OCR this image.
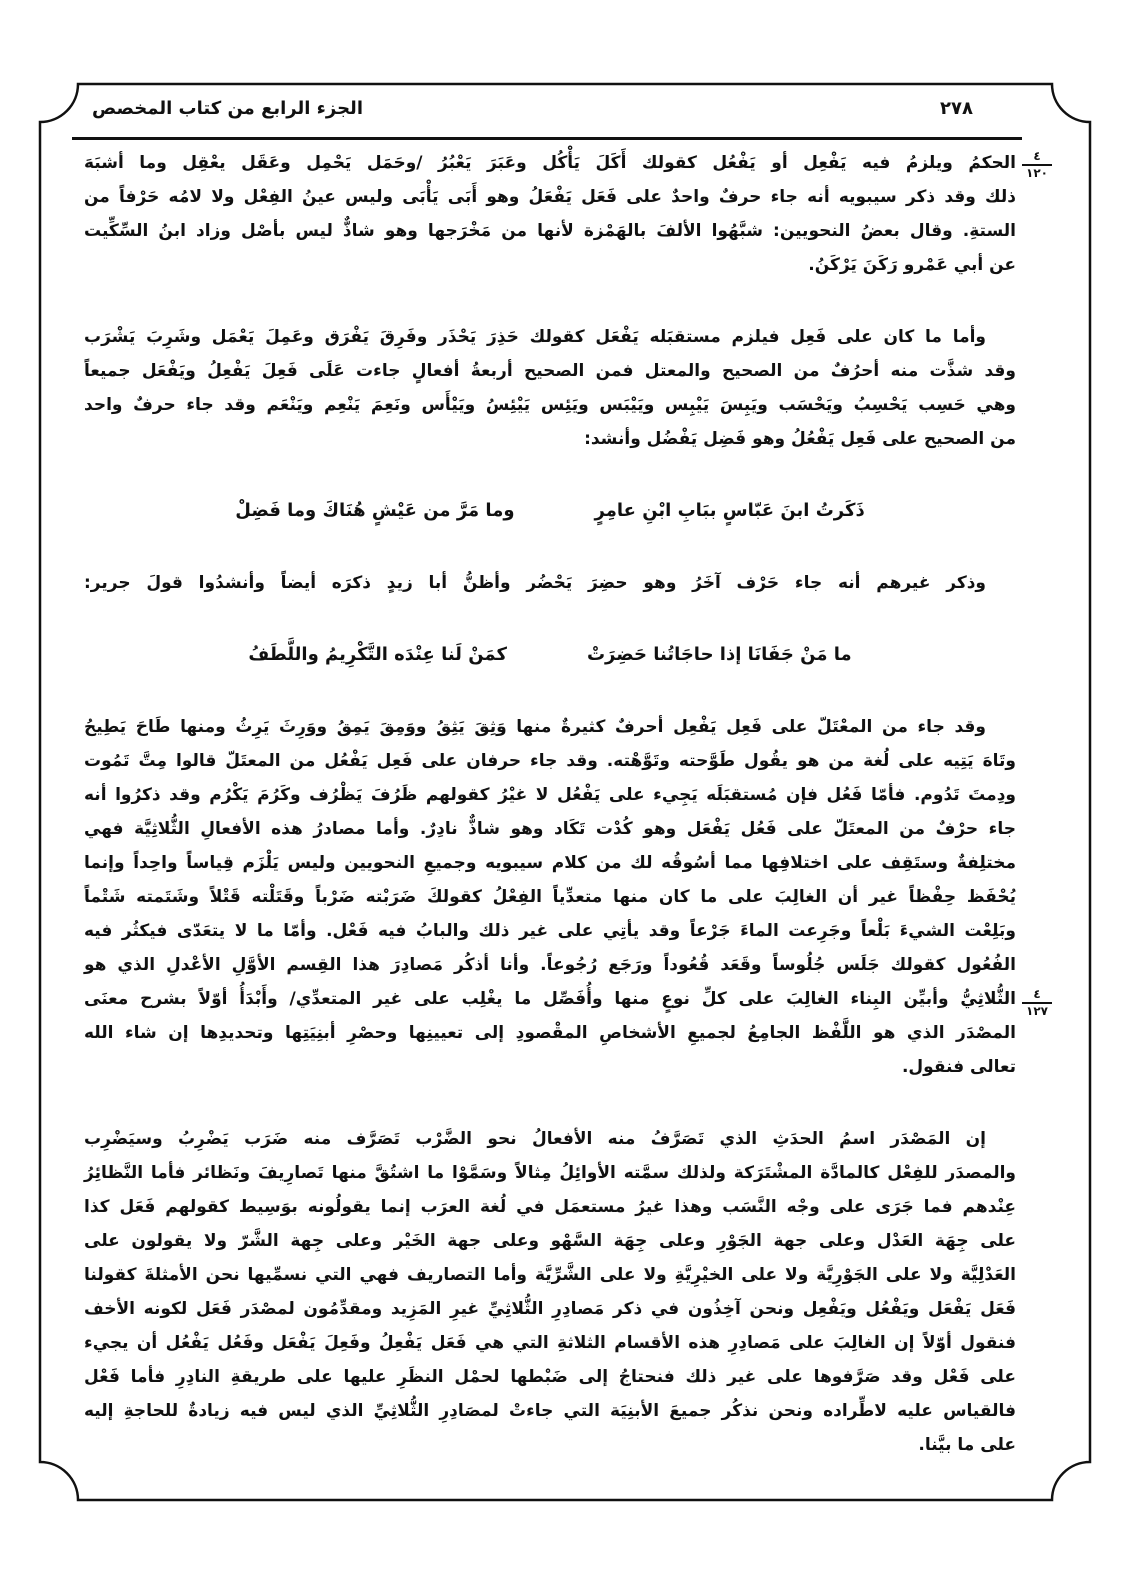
الجزء الرابع من كتاب المخصص	٢٧٨
٤
١٢٠
٤
١٢٧
الحكمُ ويلزمُ فيه يَفْعِل أو يَفْعُل كقولك أَكَلَ يَأْكُل وعَبَرَ يَعْبُرُ /وحَمَل يَحْمِل وعَقَل يعْقِل وما أشبَهَ
ذلك وقد ذكر سيبويه أنه جاء حرفٌ واحدٌ على فَعَل يَفْعَلُ وهو أَبَى يَأْبَى وليس عينُ الفِعْل ولا لامُه حَرْفاً من
الستةِ. وقال بعضُ النحويين: شبَّهُوا الألفَ بالهَمْزة لأنها من مَخْرَجها وهو شاذٌّ ليس بأصْل وزاد ابنُ السِّكِّيت
عن أبي عَمْرو رَكَنَ يَرْكَنُ.
وأما ما كان على فَعِل فيلزم مستقبَله يَفْعَل كقولك حَذِرَ يَحْذَر وفَرِقَ يَفْرَق وعَمِلَ يَعْمَل وشَرِبَ يَشْرَب
وقد شذَّت منه أحرُفٌ من الصحيح والمعتل فمن الصحيح أربعةُ أفعالٍ جاءت عَلَى فَعِلَ يَفْعِلُ ويَفْعَل جميعاً
وهي حَسِب يَحْسِبُ ويَحْسَب ويَبِسَ يَيْبِس ويَيْبَس ويَئِس يَيْئِسُ ويَيْأَس ونَعِمَ يَنْعِم ويَنْعَم وقد جاء حرفٌ واحد
من الصحيح على فَعِل يَفْعُلُ وهو فَضِل يَفْضُل وأنشد:
ذَكَرتُ ابنَ عَبّاسٍ ببَابِ ابْنِ عامِرٍ
وما مَرَّ من عَيْشٍ هُنَاكَ وما فَضِلْ
وذكر غيرهم أنه جاء حَرْف آخَرُ وهو حضِرَ يَحْضُر وأظنُّ أبا زيدٍ ذكرَه أيضاً وأنشدُوا قولَ جرير:
ما مَنْ جَفَانَا إذا حاجَاتُنا حَضِرَتْ
كمَنْ لَنا عِنْدَه التَّكْرِيمُ واللَّطَفُ
وقد جاء من المعْتَلّ على فَعِل يَفْعِل أحرفٌ كثيرةٌ منها وَثِقَ يَثِقُ ووَمِقَ يَمِقُ ووَرِثَ يَرِثُ ومنها طَاحَ يَطِيحُ
وتَاهَ يَتِيه على لُغة من هو يقُول طَوَّحته وتَوَّهْته. وقد جاء حرفان على فَعِل يَفْعُل من المعتَلّ قالوا مِتَّ تَمُوت
ودِمتَ تَدُوم. فأمّا فَعُل فإن مُستقبَلَه يَجِيء على يَفْعُل لا غيْرُ كقولهم ظَرُفَ يَظْرُف وكَرُمَ يَكْرُم وقد ذكرُوا أنه
جاء حرْفٌ من المعتَلّ على فَعُل يَفْعَل وهو كُدْت تَكَاد وهو شاذٌّ نادِرٌ. وأما مصادرُ هذه الأفعالِ الثُّلاثِيَّة فهي
مختلِفةٌ وستَقِف على اختلافِها مما أسُوقُه لك من كلام سيبويه وجميعِ النحويين وليس يَلْزَم قِياساً واحِداً وإنما
يُحْفَظ حِفْظاً غير أن الغالِبَ على ما كان منها متعدِّياً الفِعْلُ كقولكَ ضَرَبْته ضَرْباً وقَتَلْته قَتْلاً وشَتَمته شَتْماً
وبَلِعْت الشيءَ بَلْعاً وجَرِعت الماءَ جَرْعاً وقد يأتِي على غير ذلك والبابُ فيه فَعْل. وأمّا ما لا يتعَدّى فيكثُر فيه
الفُعُول كقولك جَلَس جُلُوساً وقَعَد قُعُوداً ورَجَع رُجُوعاً. وأنا أذكُر مَصادِرَ هذا القِسم الأوَّلِ الأعْدلِ الذي هو
الثُّلاثِيُّ وأبيِّن البِناء الغالِبَ على كلِّ نوعٍ منها وأُفَصِّل ما يغْلِب على غير المتعدِّي/ وأَبْدَأُ أوّلاً بشرح معنَى
المصْدَر الذي هو اللَّفْظ الجامِعُ لجميعِ الأشخاصِ المقْصودِ إلى تعيينِها وحصْرِ أبنِيَتِها وتحديدِها إن شاء الله
تعالى فنقول.
إن المَصْدَر اسمُ الحدَثِ الذي تَصَرَّفُ منه الأفعالُ نحو الضَّرْب تَصَرَّف منه ضَرَب يَضْرِبُ وسيَضْرِب
والمصدَر للفِعْل كالمادَّة المشْتَرَكة ولذلك سمَّته الأوائِلُ مِثالاً وسَمَّوْا ما اشتُقَّ منها تَصارِيفَ ونَظائر فأما النَّظائِرُ
عِنْدهم فما جَرَى على وجْه النَّسَب وهذا غيرُ مستعمَل في لُغة العرَب إنما يقولُونه بوَسِيط كقولهم فَعَل كذا
على جِهَة العَدْل وعلى جهة الجَوْرِ وعلى جِهَة السَّهْو وعلى جهة الخَيْر وعلى جِهة الشَّرّ ولا يقولون على
العَدْلِيَّة ولا على الجَوْرِيَّة ولا على الخيْرِيَّةِ ولا على الشَّرِّيَّة وأما التصاريف فهي التي نسمِّيها نحن الأمثلةَ كقولنا
فَعَل يَفْعَل ويَفْعُل ويَفْعِل ونحن آخِذُون في ذكر مَصادِرِ الثُّلاثِيِّ غيرِ المَزِيد ومقدِّمُون لمصْدَر فَعَل لكونه الأخف
فنقول أوّلاً إن الغالِبَ على مَصادِرِ هذه الأقسام الثلاثةِ التي هي فَعَل يَفْعِلُ وفَعِلَ يَفْعَل وفَعُل يَفْعُل أن يجيء
على فَعْل وقد صَرَّفوها على غير ذلك فنحتاجُ إلى ضَبْطها لحمْل النظَرِ عليها على طريقةِ النادِرِ فأما فَعْل
فالقياس عليه لاطِّراده ونحن نذكُر جميعَ الأبنِيَة التي جاءتْ لمصَادِرِ الثُّلاثِيِّ الذي ليس فيه زيادةٌ للحاجةِ إليه
على ما بيَّنا.
